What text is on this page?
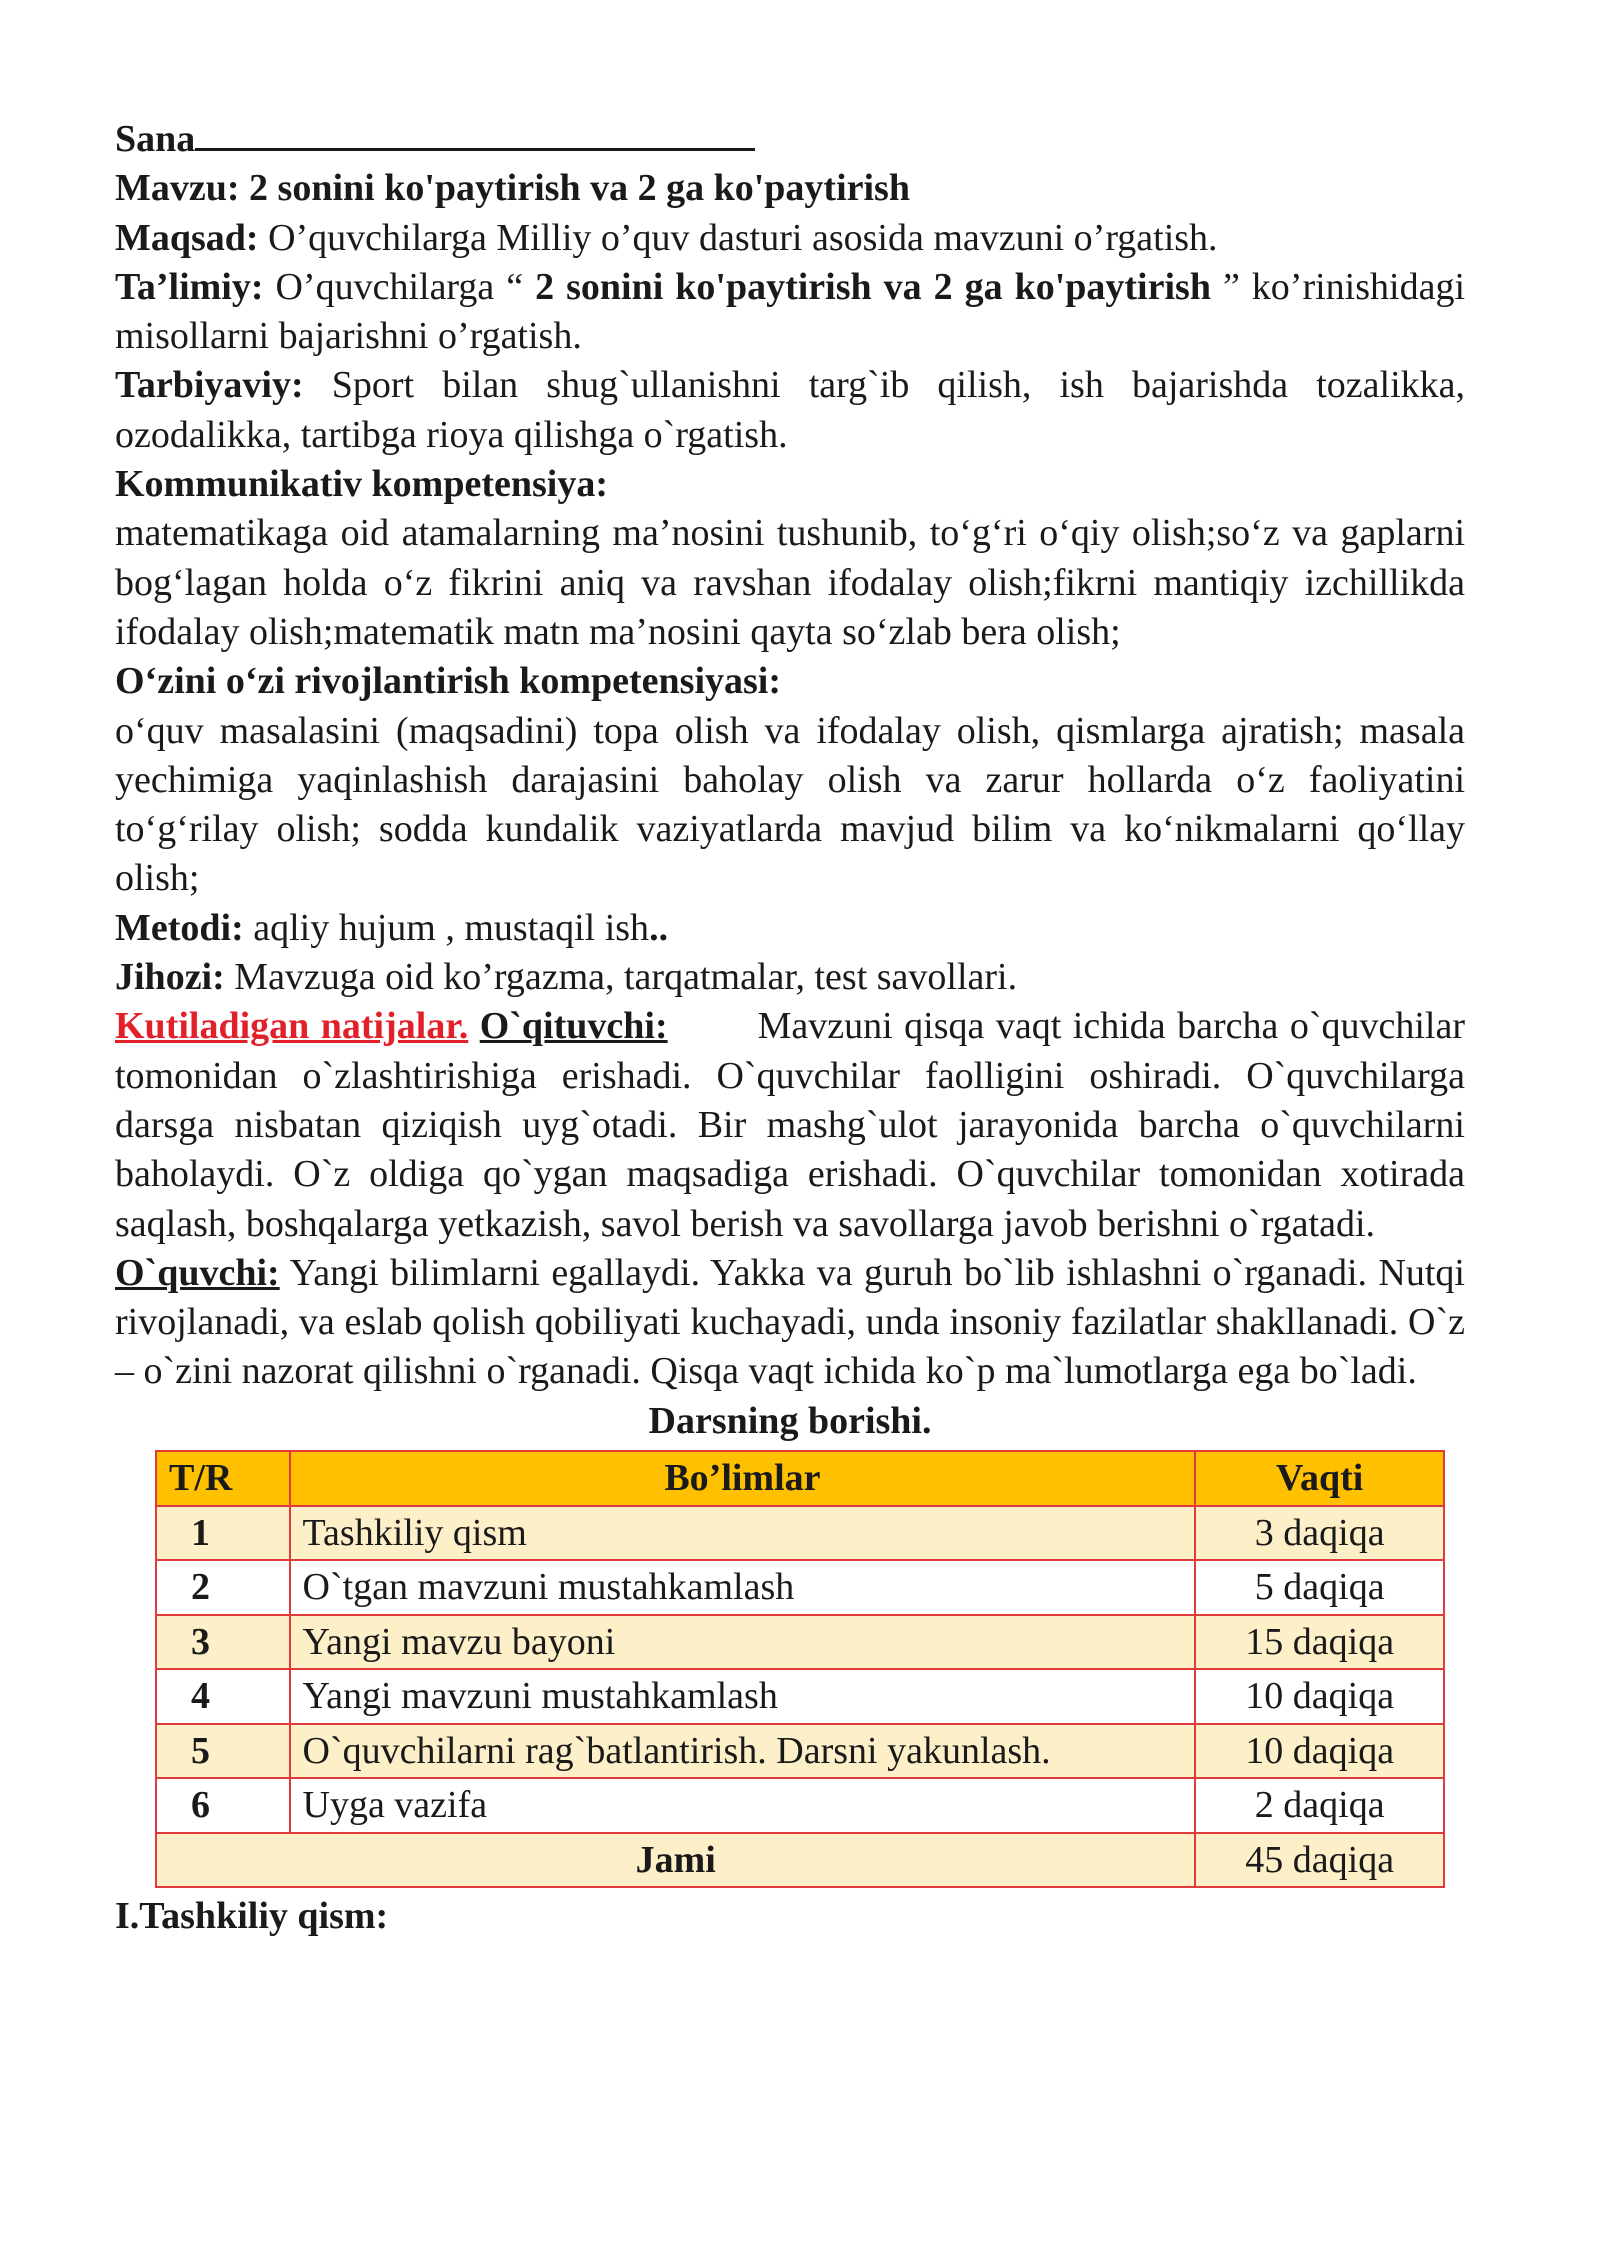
Sana

Mavzu: 2 sonini ko'paytirish va 2 ga ko'paytirish

Maqsad: O’quvchilarga Milliy o’quv dasturi asosida mavzuni o’rgatish.

Ta’limiy: O’quvchilarga “ 2 sonini ko'paytirish va 2 ga ko'paytirish ” ko’rinishidagi misollarni bajarishni o’rgatish.

Tarbiyaviy: Sport bilan shug`ullanishni targ`ib qilish, ish bajarishda tozalikka, ozodalikka, tartibga rioya qilishga o`rgatish.

Kommunikativ kompetensiya:

matematikaga oid atamalarning ma’nosini tushunib, to‘g‘ri o‘qiy olish;so‘z va gaplarni bog‘lagan holda o‘z fikrini aniq va ravshan ifodalay olish;fikrni mantiqiy izchillikda ifodalay olish;matematik matn ma’nosini qayta so‘zlab bera olish;

O‘zini o‘zi rivojlantirish kompetensiyasi:

o‘quv masalasini (maqsadini) topa olish va ifodalay olish, qismlarga ajratish; masala yechimiga yaqinlashish darajasini baholay olish va zarur hollarda o‘z faoliyatini to‘g‘rilay olish; sodda kundalik vaziyatlarda mavjud bilim va ko‘nikmalarni qo‘llay olish;

Metodi: aqliy hujum , mustaqil ish..

Jihozi: Mavzuga oid ko’rgazma, tarqatmalar, test savollari.

Kutiladigan natijalar. O`qituvchi: Mavzuni qisqa vaqt ichida barcha o`quvchilar tomonidan o`zlashtirishiga erishadi. O`quvchilar faolligini oshiradi. O`quvchilarga darsga nisbatan qiziqish uyg`otadi. Bir mashg`ulot jarayonida barcha o`quvchilarni baholaydi. O`z oldiga qo`ygan maqsadiga erishadi. O`quvchilar tomonidan xotirada saqlash, boshqalarga yetkazish, savol berish va savollarga javob berishni o`rgatadi.

O`quvchi: Yangi bilimlarni egallaydi. Yakka va guruh bo`lib ishlashni o`rganadi. Nutqi rivojlanadi, va eslab qolish qobiliyati kuchayadi, unda insoniy fazilatlar shakllanadi. O`z – o`zini nazorat qilishni o`rganadi. Qisqa vaqt ichida ko`p ma`lumotlarga ega bo`ladi.

Darsning borishi.

T/R	Bo’limlar	Vaqti
1	Tashkiliy qism	3 daqiqa
2	O`tgan mavzuni mustahkamlash	5 daqiqa
3	Yangi mavzu bayoni	15 daqiqa
4	Yangi mavzuni mustahkamlash	10 daqiqa
5	O`quvchilarni rag`batlantirish. Darsni yakunlash.	10 daqiqa
6	Uyga vazifa	2 daqiqa
Jami		45 daqiqa

I.Tashkiliy qism:
